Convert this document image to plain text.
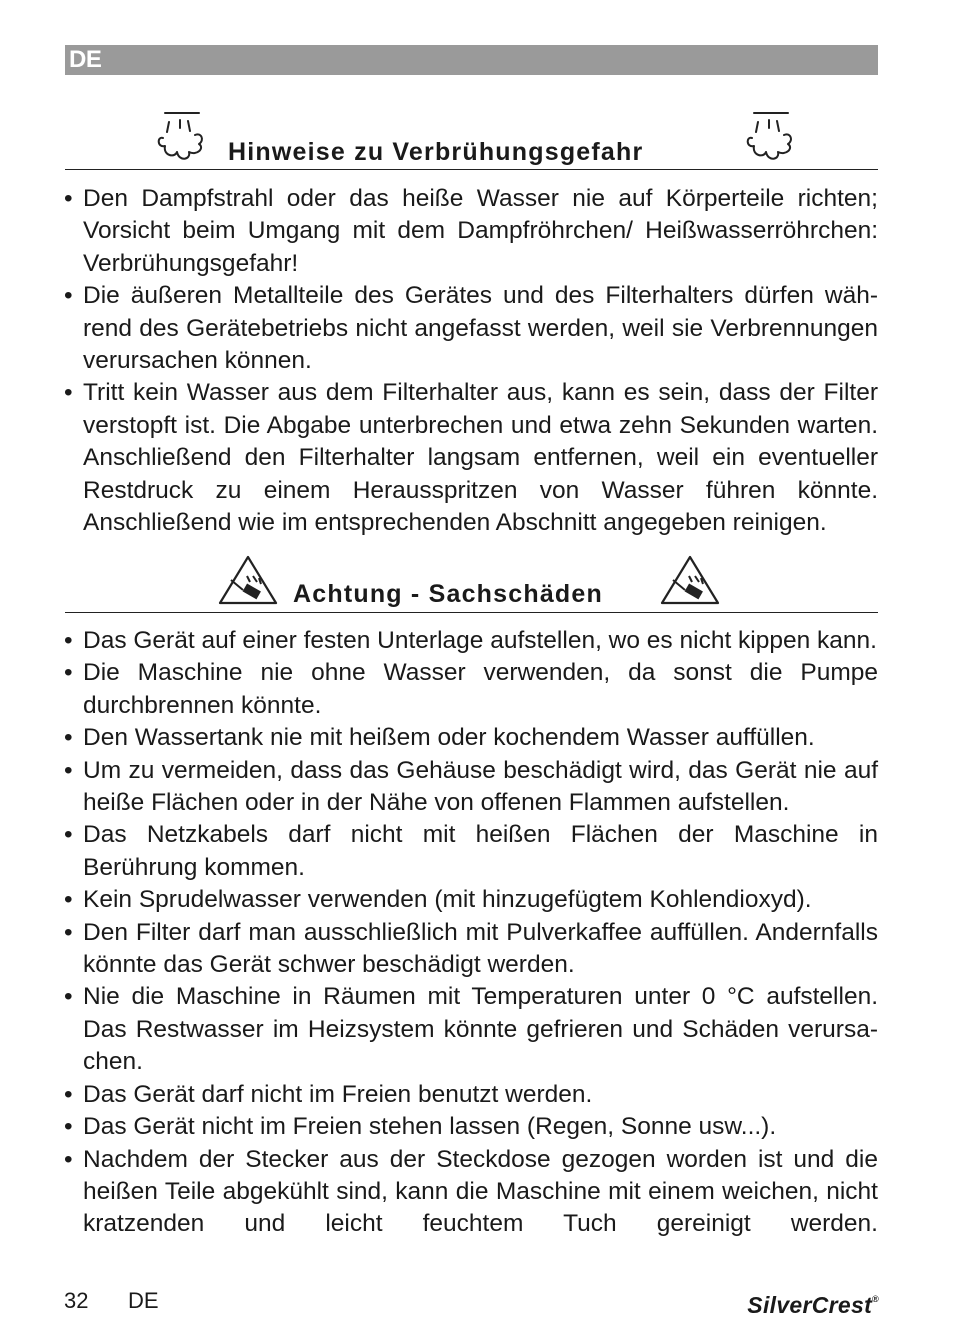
DE
Hinweise zu Verbrühungsgefahr
• Den Dampfstrahl oder das heiße Wasser nie auf Körperteile richten; Vorsicht beim Umgang mit dem Dampfröhrchen/ Heißwasserröhrchen: Verbrühungsgefahr!
• Die äußeren Metallteile des Gerätes und des Filterhalters dürfen während des Gerätebetriebs nicht angefasst werden, weil sie Verbrennungen verursachen können.
• Tritt kein Wasser aus dem Filterhalter aus, kann es sein, dass der Filter verstopft ist. Die Abgabe unterbrechen und etwa zehn Sekunden warten. Anschließend den Filterhalter langsam entfernen, weil ein eventueller Restdruck zu einem Herausspritzen von Wasser führen könnte. Anschließend wie im entsprechenden Abschnitt angegeben reinigen.
Achtung - Sachschäden
• Das Gerät auf einer festen Unterlage aufstellen, wo es nicht kippen kann.
• Die Maschine nie ohne Wasser verwenden, da sonst die Pumpe durchbrennen könnte.
• Den Wassertank nie mit heißem oder kochendem Wasser auffüllen.
• Um zu vermeiden, dass das Gehäuse beschädigt wird, das Gerät nie auf heiße Flächen oder in der Nähe von offenen Flammen aufstellen.
• Das Netzkabels darf nicht mit heißen Flächen der Maschine in Berührung kommen.
• Kein Sprudelwasser verwenden (mit hinzugefügtem Kohlendioxyd).
• Den Filter darf man ausschließlich mit Pulverkaffee auffüllen. Andernfalls könnte das Gerät schwer beschädigt werden.
• Nie die Maschine in Räumen mit Temperaturen unter 0 °C aufstellen. Das Restwasser im Heizsystem könnte gefrieren und Schäden verursachen.
• Das Gerät darf nicht im Freien benutzt werden.
• Das Gerät nicht im Freien stehen lassen (Regen, Sonne usw...).
• Nachdem der Stecker aus der Steckdose gezogen worden ist und die heißen Teile abgekühlt sind, kann die Maschine mit einem weichen, nicht kratzenden und leicht feuchtem Tuch gereinigt werden.
32 DE	SilverCrest®
